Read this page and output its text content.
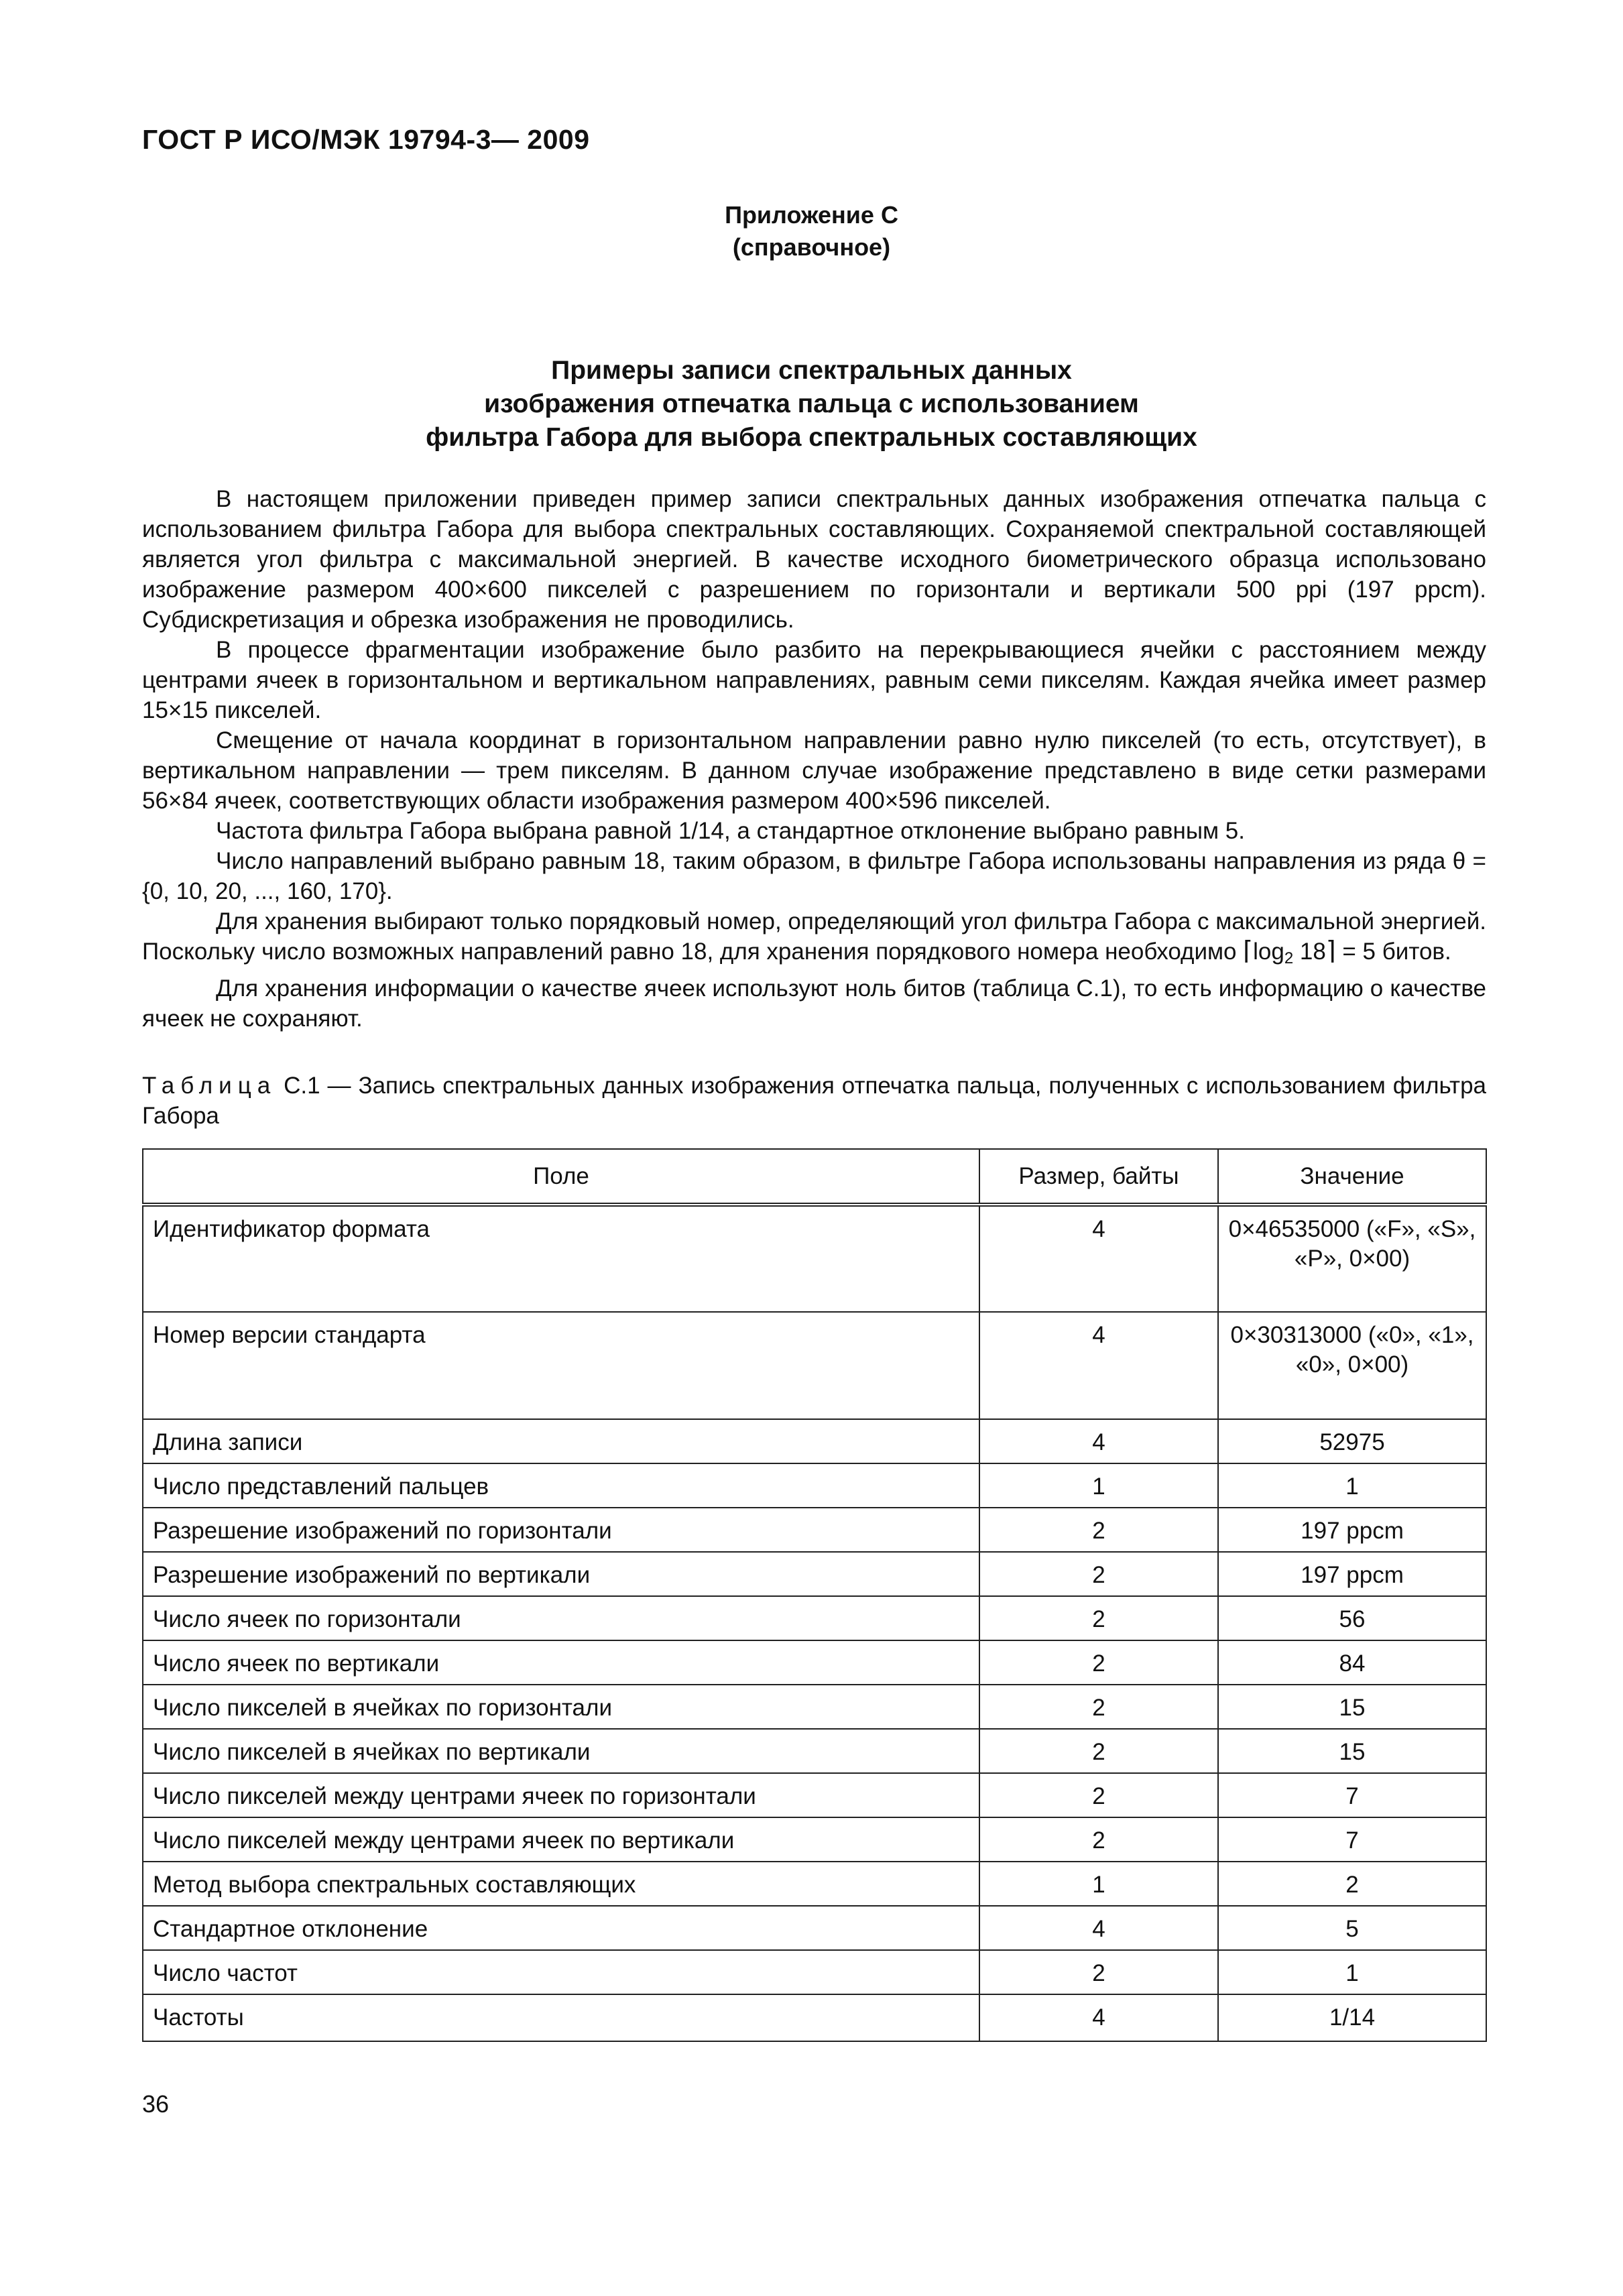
ГОСТ Р ИСО/МЭК 19794-3— 2009
Приложение С
(справочное)
Примеры записи спектральных данных
изображения отпечатка пальца с использованием
фильтра Габора для выбора спектральных составляющих

В настоящем приложении приведен пример записи спектральных данных изображения отпечатка пальца с использованием фильтра Габора для выбора спектральных составляющих. Сохраняемой спектральной составляющей является угол фильтра с максимальной энергией. В качестве исходного биометрического образца использовано изображение размером 400×600 пикселей с разрешением по горизонтали и вертикали 500 ppi (197 ppcm). Субдискретизация и обрезка изображения не проводились.

В процессе фрагментации изображение было разбито на перекрывающиеся ячейки с расстоянием между центрами ячеек в горизонтальном и вертикальном направлениях, равным семи пикселям. Каждая ячейка имеет размер 15×15 пикселей.

Смещение от начала координат в горизонтальном направлении равно нулю пикселей (то есть, отсутствует), в вертикальном направлении — трем пикселям. В данном случае изображение представлено в виде сетки размерами 56×84 ячеек, соответствующих области изображения размером 400×596 пикселей.

Частота фильтра Габора выбрана равной 1/14, а стандартное отклонение выбрано равным 5.

Число направлений выбрано равным 18, таким образом, в фильтре Габора использованы направления из ряда θ = {0, 10, 20, ..., 160, 170}.

Для хранения выбирают только порядковый номер, определяющий угол фильтра Габора с максимальной энергией. Поскольку число возможных направлений равно 18, для хранения порядкового номера необходимо $⌈\log_2$ 18⌉ = 5 битов.

Для хранения информации о качестве ячеек используют ноль битов (таблица С.1), то есть информацию о качестве ячеек не сохраняют.

Таблица С.1 — Запись спектральных данных изображения отпечатка пальца, полученных с использованием фильтра Габора
Поле	Размер, байты	Значение
Идентификатор формата	4	0×46535000 («F», «S», «P», 0×00)
Номер версии стандарта	4	0×30313000 («0», «1», «0», 0×00)
Длина записи	4	52975
Число представлений пальцев	1	1
Разрешение изображений по горизонтали	2	197 ppcm
Разрешение изображений по вертикали	2	197 ppcm
Число ячеек по горизонтали	2	56
Число ячеек по вертикали	2	84
Число пикселей в ячейках по горизонтали	2	15
Число пикселей в ячейках по вертикали	2	15
Число пикселей между центрами ячеек по горизонтали	2	7
Число пикселей между центрами ячеек по вертикали	2	7
Метод выбора спектральных составляющих	1	2
Стандартное отклонение	4	5
Число частот	2	1
Частоты	4	1/14
36
